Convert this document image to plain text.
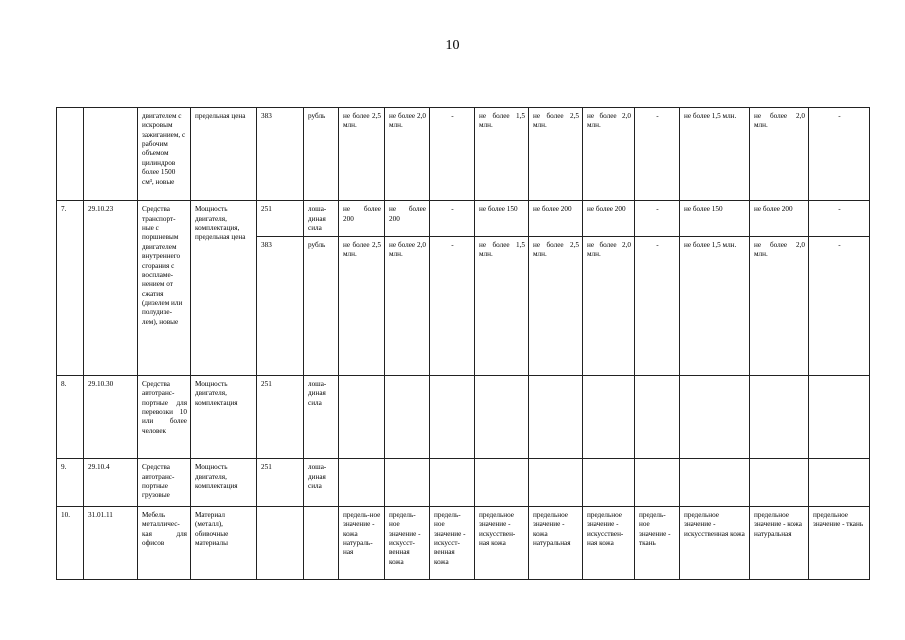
10
		двигателем с искровым зажиганием, с рабочим объемом цилиндров более 1500 см³, новые	предельная цена	383	рубль	не более 2,5 млн.	не более 2,0 млн.	-	не более 1,5 млн.	не более 2,5 млн.	не более 2,0 млн.	-	не более 1,5 млн.	не более 2,0 млн.	-
7.	29.10.23	Средства транспорт-ные с поршневым двигателем внутреннего сгорания с воспламе-нением от сжатия (дизелем или полудизе-лем), новые	Мощность двигателя, комплектация, предельная цена	251	лоша-диная сила	не более 200	не более 200	-	не более 150	не более 200	не более 200	-	не более 150	не более 200	-
				383	рубль	не более 2,5 млн.	не более 2,0 млн.	-	не более 1,5 млн.	не более 2,5 млн.	не более 2,0 млн.	-	не более 1,5 млн.	не более 2,0 млн.	-
8.	29.10.30	Средства автотранс-портные для перевозки 10 или более человек	Мощность двигателя, комплектация	251	лоша-диная сила										
9.	29.10.4	Средства автотранс-портные грузовые	Мощность двигателя, комплектация	251	лоша-диная сила										
10.	31.01.11	Мебель металличес-кая для офисов	Материал (металл), обивочные материалы			предель-ное значение - кожа натураль-ная	предель-ное значение - искусст-венная кожа	предель-ное значение - искусст-венная кожа	предельное значение - искусствен-ная кожа	предельное значение - кожа натуральная	предельное значение - искусствен-ная кожа	предель-ное значение - ткань	предельное значение - искусственная кожа	предельное значение - кожа натуральная	предельное значение - ткань
